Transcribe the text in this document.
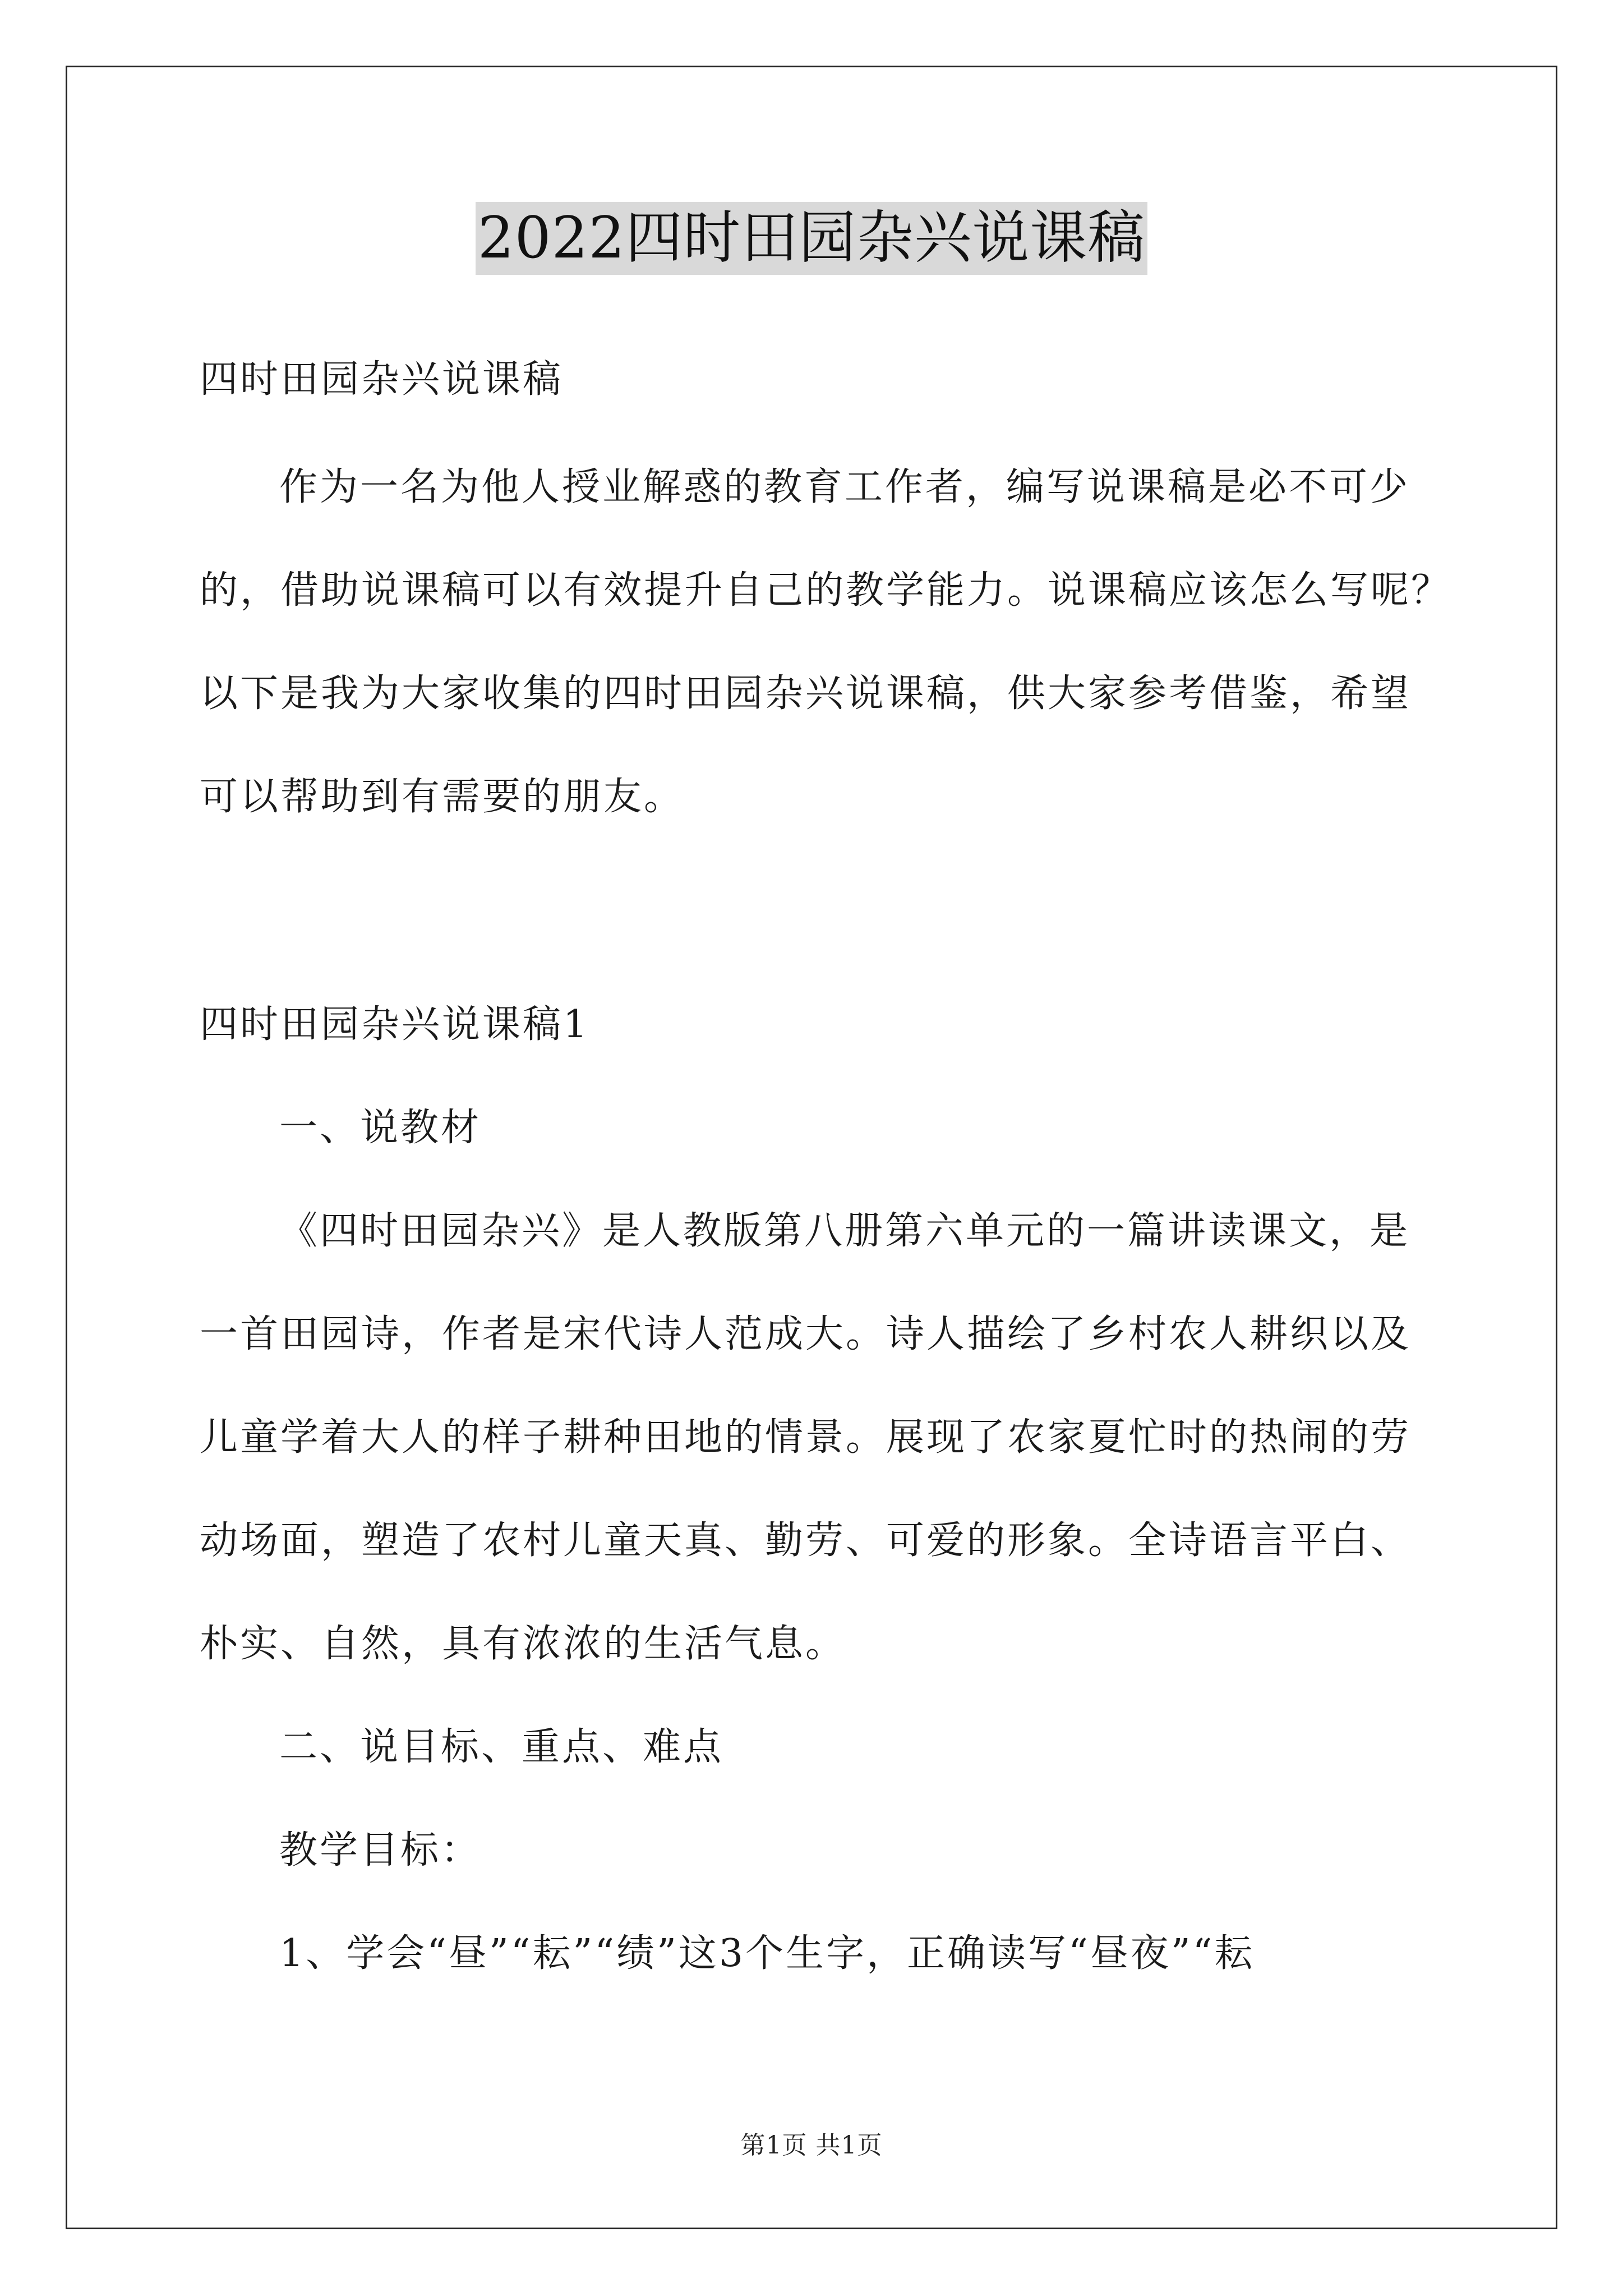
2022四时田园杂兴说课稿
四时田园杂兴说课稿
作为一名为他人授业解惑的教育工作者，编写说课稿是必不可少
的，借助说课稿可以有效提升自己的教学能力。说课稿应该怎么写呢？
以下是我为大家收集的四时田园杂兴说课稿，供大家参考借鉴，希望
可以帮助到有需要的朋友。
四时田园杂兴说课稿1
一、说教材
《四时田园杂兴》是人教版第八册第六单元的一篇讲读课文，是
一首田园诗，作者是宋代诗人范成大。诗人描绘了乡村农人耕织以及
儿童学着大人的样子耕种田地的情景。展现了农家夏忙时的热闹的劳
动场面，塑造了农村儿童天真、勤劳、可爱的形象。全诗语言平白、
朴实、自然，具有浓浓的生活气息。
二、说目标、重点、难点
教学目标：
1、学会“昼”“耘”“绩”这3个生字，正确读写“昼夜”“耘
第1页 共1页
